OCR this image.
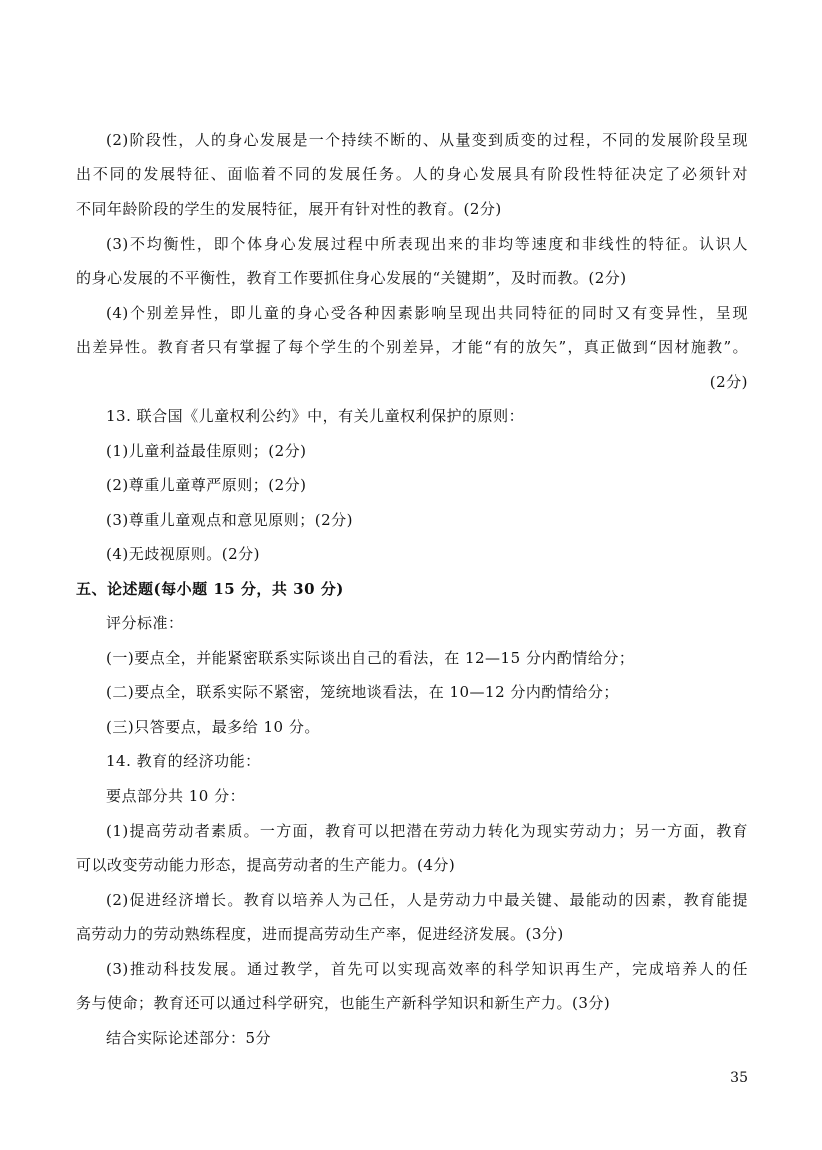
(2)阶段性，人的身心发展是一个持续不断的、从量变到质变的过程，不同的发展阶段呈现
出不同的发展特征、面临着不同的发展任务。人的身心发展具有阶段性特征决定了必须针对
不同年龄阶段的学生的发展特征，展开有针对性的教育。(2分)
(3)不均衡性，即个体身心发展过程中所表现出来的非均等速度和非线性的特征。认识人
的身心发展的不平衡性，教育工作要抓住身心发展的“关键期”，及时而教。(2分)
(4)个别差异性，即儿童的身心受各种因素影响呈现出共同特征的同时又有变异性，呈现
出差异性。教育者只有掌握了每个学生的个别差异，才能“有的放矢”，真正做到“因材施教”。
(2分)
13. 联合国《儿童权利公约》中，有关儿童权利保护的原则：
(1)儿童利益最佳原则；(2分)
(2)尊重儿童尊严原则；(2分)
(3)尊重儿童观点和意见原则；(2分)
(4)无歧视原则。(2分)
五、论述题(每小题 15 分，共 30 分)
评分标准：
(一)要点全，并能紧密联系实际谈出自己的看法，在 12—15 分内酌情给分；
(二)要点全，联系实际不紧密，笼统地谈看法，在 10—12 分内酌情给分；
(三)只答要点，最多给 10 分。
14. 教育的经济功能：
要点部分共 10 分：
(1)提高劳动者素质。一方面，教育可以把潜在劳动力转化为现实劳动力；另一方面，教育
可以改变劳动能力形态，提高劳动者的生产能力。(4分)
(2)促进经济增长。教育以培养人为己任，人是劳动力中最关键、最能动的因素，教育能提
高劳动力的劳动熟练程度，进而提高劳动生产率，促进经济发展。(3分)
(3)推动科技发展。通过教学，首先可以实现高效率的科学知识再生产，完成培养人的任
务与使命；教育还可以通过科学研究，也能生产新科学知识和新生产力。(3分)
结合实际论述部分：5分
35
